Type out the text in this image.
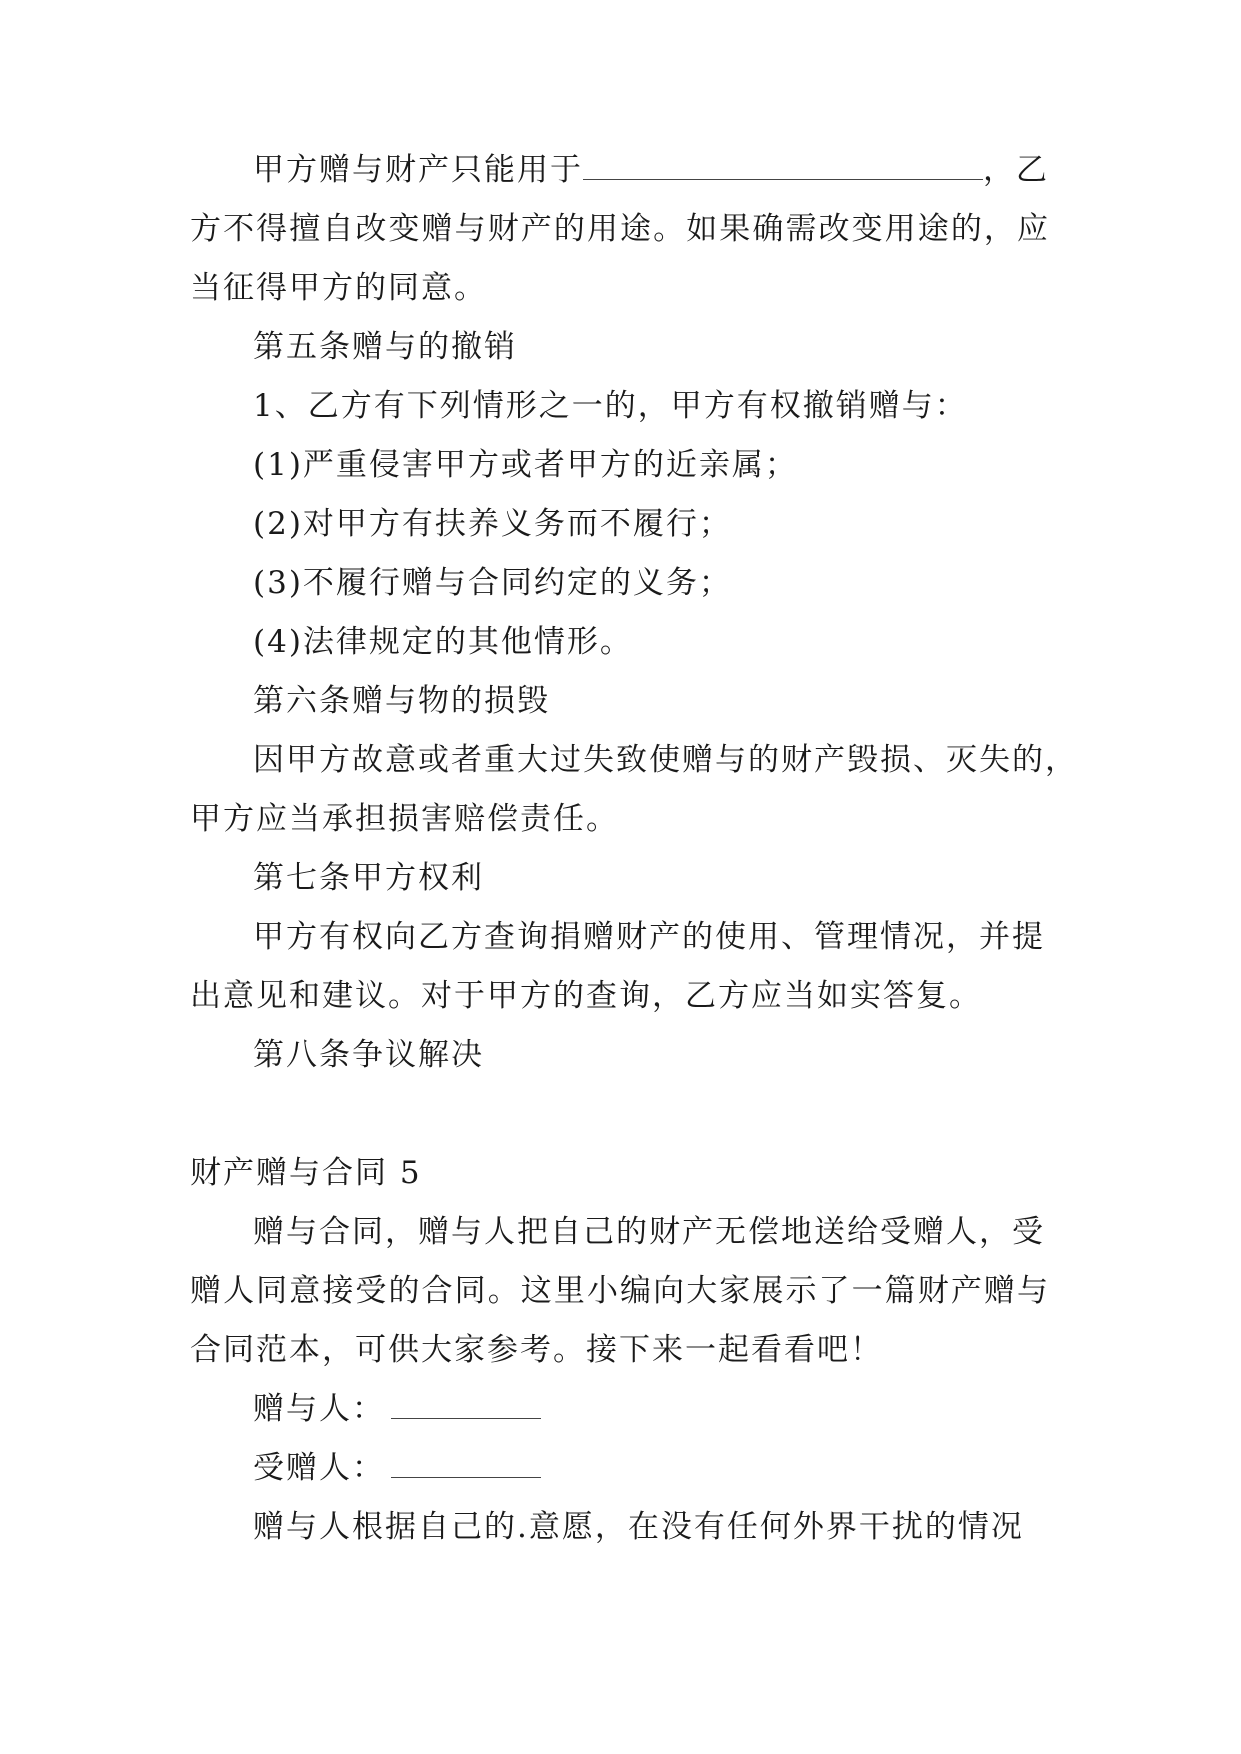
甲方赠与财产只能用于	，乙
方不得擅自改变赠与财产的用途。如果确需改变用途的，应
当征得甲方的同意。
第五条赠与的撤销
1、乙方有下列情形之一的，甲方有权撤销赠与：
(1)严重侵害甲方或者甲方的近亲属；
(2)对甲方有扶养义务而不履行；
(3)不履行赠与合同约定的义务；
(4)法律规定的其他情形。
第六条赠与物的损毁
因甲方故意或者重大过失致使赠与的财产毁损、灭失的，
甲方应当承担损害赔偿责任。
第七条甲方权利
甲方有权向乙方查询捐赠财产的使用、管理情况，并提
出意见和建议。对于甲方的查询，乙方应当如实答复。
第八条争议解决
财产赠与合同 5
赠与合同，赠与人把自己的财产无偿地送给受赠人，受
赠人同意接受的合同。这里小编向大家展示了一篇财产赠与
合同范本，可供大家参考。接下来一起看看吧！
赠与人：
受赠人：
赠与人根据自己的.意愿，在没有任何外界干扰的情况
